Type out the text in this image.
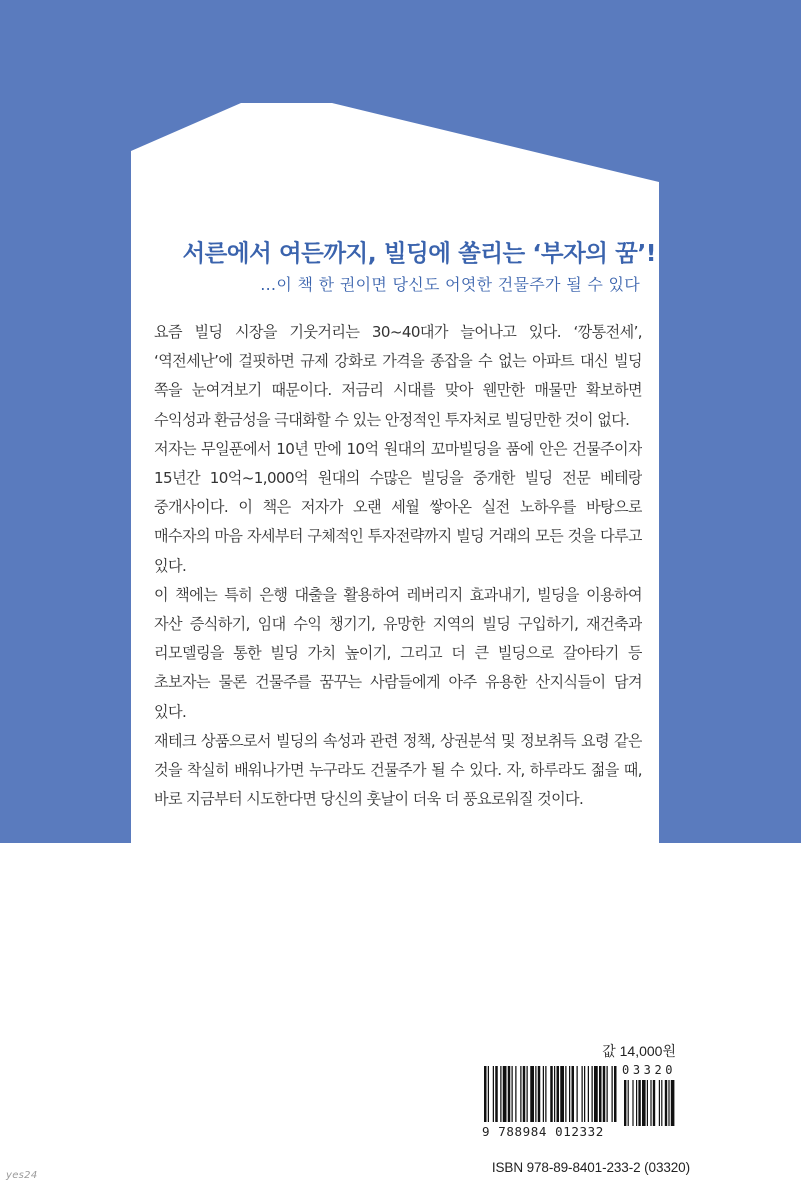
서른에서 여든까지, 빌딩에 쏠리는 ‘부자의 꿈’!
…이 책 한 권이면 당신도 어엿한 건물주가 될 수 있다

요즘 빌딩 시장을 기웃거리는 30~40대가 늘어나고 있다. ‘깡통전세’, ‘역전세난’에 걸핏하면 규제 강화로 가격을 종잡을 수 없는 아파트 대신 빌딩 쪽을 눈여겨보기 때문이다. 저금리 시대를 맞아 웬만한 매물만 확보하면 수익성과 환금성을 극대화할 수 있는 안정적인 투자처로 빌딩만한 것이 없다.

저자는 무일푼에서 10년 만에 10억 원대의 꼬마빌딩을 품에 안은 건물주이자 15년간 10억~1,000억 원대의 수많은 빌딩을 중개한 빌딩 전문 베테랑 중개사이다. 이 책은 저자가 오랜 세월 쌓아온 실전 노하우를 바탕으로 매수자의 마음 자세부터 구체적인 투자전략까지 빌딩 거래의 모든 것을 다루고 있다.

이 책에는 특히 은행 대출을 활용하여 레버리지 효과내기, 빌딩을 이용하여 자산 증식하기, 임대 수익 챙기기, 유망한 지역의 빌딩 구입하기, 재건축과 리모델링을 통한 빌딩 가치 높이기, 그리고 더 큰 빌딩으로 갈아타기 등 초보자는 물론 건물주를 꿈꾸는 사람들에게 아주 유용한 산지식들이 담겨 있다.

재테크 상품으로서 빌딩의 속성과 관련 정책, 상권분석 및 정보취득 요령 같은 것을 착실히 배워나가면 누구라도 건물주가 될 수 있다. 자, 하루라도 젊을 때, 바로 지금부터 시도한다면 당신의 훗날이 더욱 더 풍요로워질 것이다.

값 14,000원
03320
9 788984 012332
ISBN 978-89-8401-233-2 (03320)
yes24
